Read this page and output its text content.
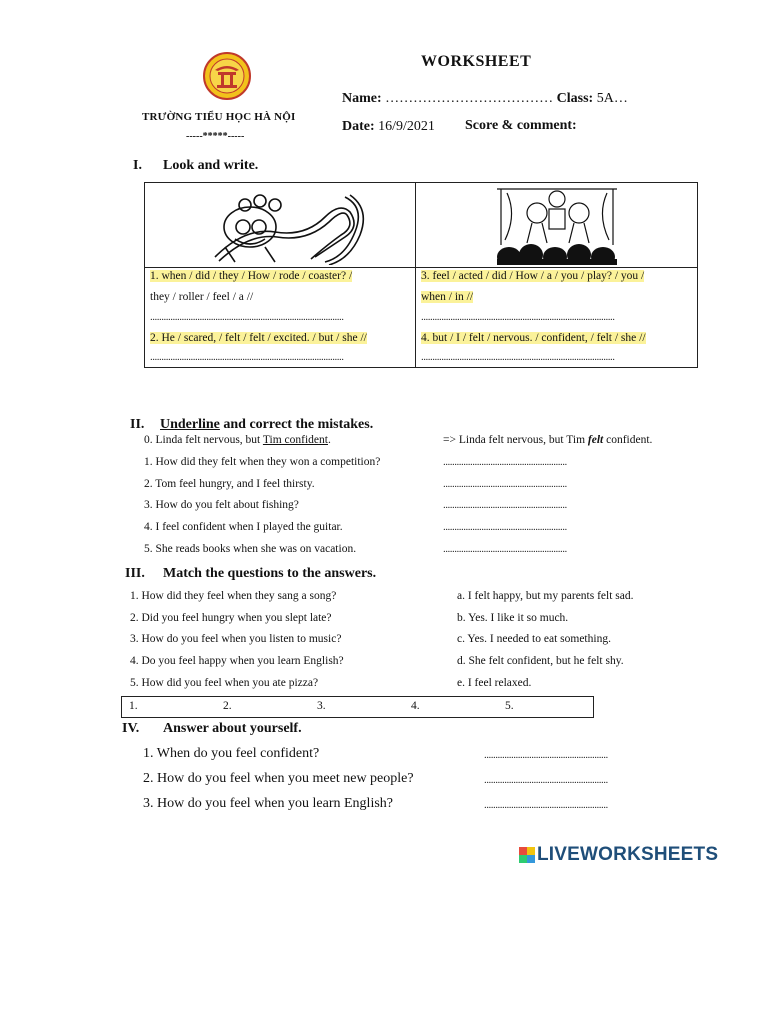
TRƯỜNG TIỂU HỌC HÀ NỘI
-----*****-----
WORKSHEET
Name: ……………………………… Class: 5A…
Date: 16/9/2021 Score & comment:
I. Look and write.
1. when / did / they / How / rode / coaster? /
they / roller / feel / a //
......................................................................................
2. He / scared, / felt / felt / excited. / but / she //
......................................................................................
3. feel / acted / did / How / a / you / play? / you /
when / in //
......................................................................................
4. but / I / felt / nervous. / confident, / felt / she //
......................................................................................
II. Underline and correct the mistakes.
0. Linda felt nervous, but Tim confident.	=> Linda felt nervous, but Tim felt confident.
1. How did they felt when they won a competition?	.......................................................
2. Tom feel hungry, and I feel thirsty.	.......................................................
3. How do you felt about fishing?	.......................................................
4. I feel confident when I played the guitar.	.......................................................
5. She reads books when she was on vacation.	.......................................................
III. Match the questions to the answers.
1. How did they feel when they sang a song?	a. I felt happy, but my parents felt sad.
2. Did you feel hungry when you slept late?	b. Yes. I like it so much.
3. How do you feel when you listen to music?	c. Yes. I needed to eat something.
4. Do you feel happy when you learn English?	d. She felt confident, but he felt shy.
5. How did you feel when you ate pizza?	e. I feel relaxed.
1.	2.	3.	4.	5.
IV. Answer about yourself.
1. When do you feel confident?	.......................................................
2. How do you feel when you meet new people?	.......................................................
3. How do you feel when you learn English?	.......................................................
LIVEWORKSHEETS
